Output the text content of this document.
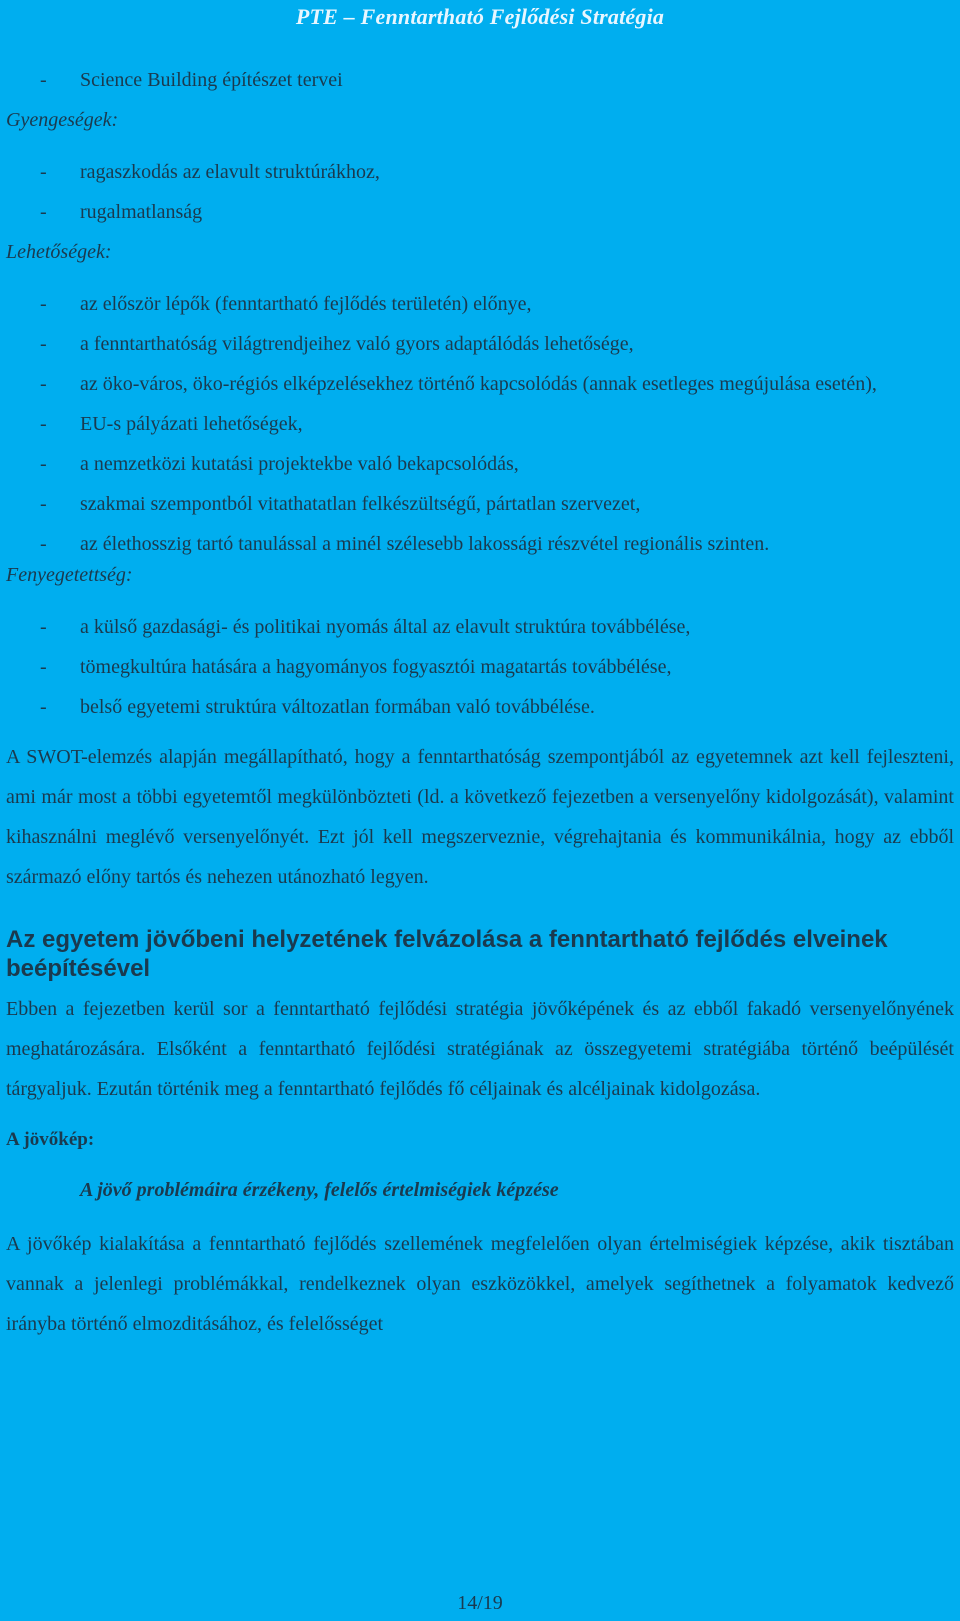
PTE – Fenntartható Fejlődési Stratégia
- Science Building építészet tervei
Gyengeségek:
- ragaszkodás az elavult struktúrákhoz,
- rugalmatlanság
Lehetőségek:
- az először lépők (fenntartható fejlődés területén) előnye,
- a fenntarthatóság világtrendjeihez való gyors adaptálódás lehetősége,
- az öko-város, öko-régiós elképzelésekhez történő kapcsolódás (annak esetleges megújulása esetén),
- EU-s pályázati lehetőségek,
- a nemzetközi kutatási projektekbe való bekapcsolódás,
- szakmai szempontból vitathatatlan felkészültségű, pártatlan szervezet,
- az élethosszig tartó tanulással a minél szélesebb lakossági részvétel regionális szinten.
Fenyegetettség:
- a külső gazdasági- és politikai nyomás által az elavult struktúra továbbélése,
- tömegkultúra hatására a hagyományos fogyasztói magatartás továbbélése,
- belső egyetemi struktúra változatlan formában való továbbélése.

A SWOT-elemzés alapján megállapítható, hogy a fenntarthatóság szempontjából az egyetemnek azt kell fejleszteni, ami már most a többi egyetemtől megkülönbözteti (ld. a következő fejezetben a versenyelőny kidolgozását), valamint kihasználni meglévő versenyelőnyét. Ezt jól kell megszerveznie, végrehajtania és kommunikálnia, hogy az ebből származó előny tartós és nehezen utánozható legyen.

Az egyetem jövőbeni helyzetének felvázolása a fenntartható fejlődés elveinek beépítésével

Ebben a fejezetben kerül sor a fenntartható fejlődési stratégia jövőképének és az ebből fakadó versenyelőnyének meghatározására. Elsőként a fenntartható fejlődési stratégiának az összegyetemi stratégiába történő beépülését tárgyaljuk. Ezután történik meg a fenntartható fejlődés fő céljainak és alcéljainak kidolgozása.

A jövőkép:

A jövő problémáira érzékeny, felelős értelmiségiek képzése

A jövőkép kialakítása a fenntartható fejlődés szellemének megfelelően olyan értelmiségiek képzése, akik tisztában vannak a jelenlegi problémákkal, rendelkeznek olyan eszközökkel, amelyek segíthetnek a folyamatok kedvező irányba történő elmozditásához, és felelősséget

14/19
